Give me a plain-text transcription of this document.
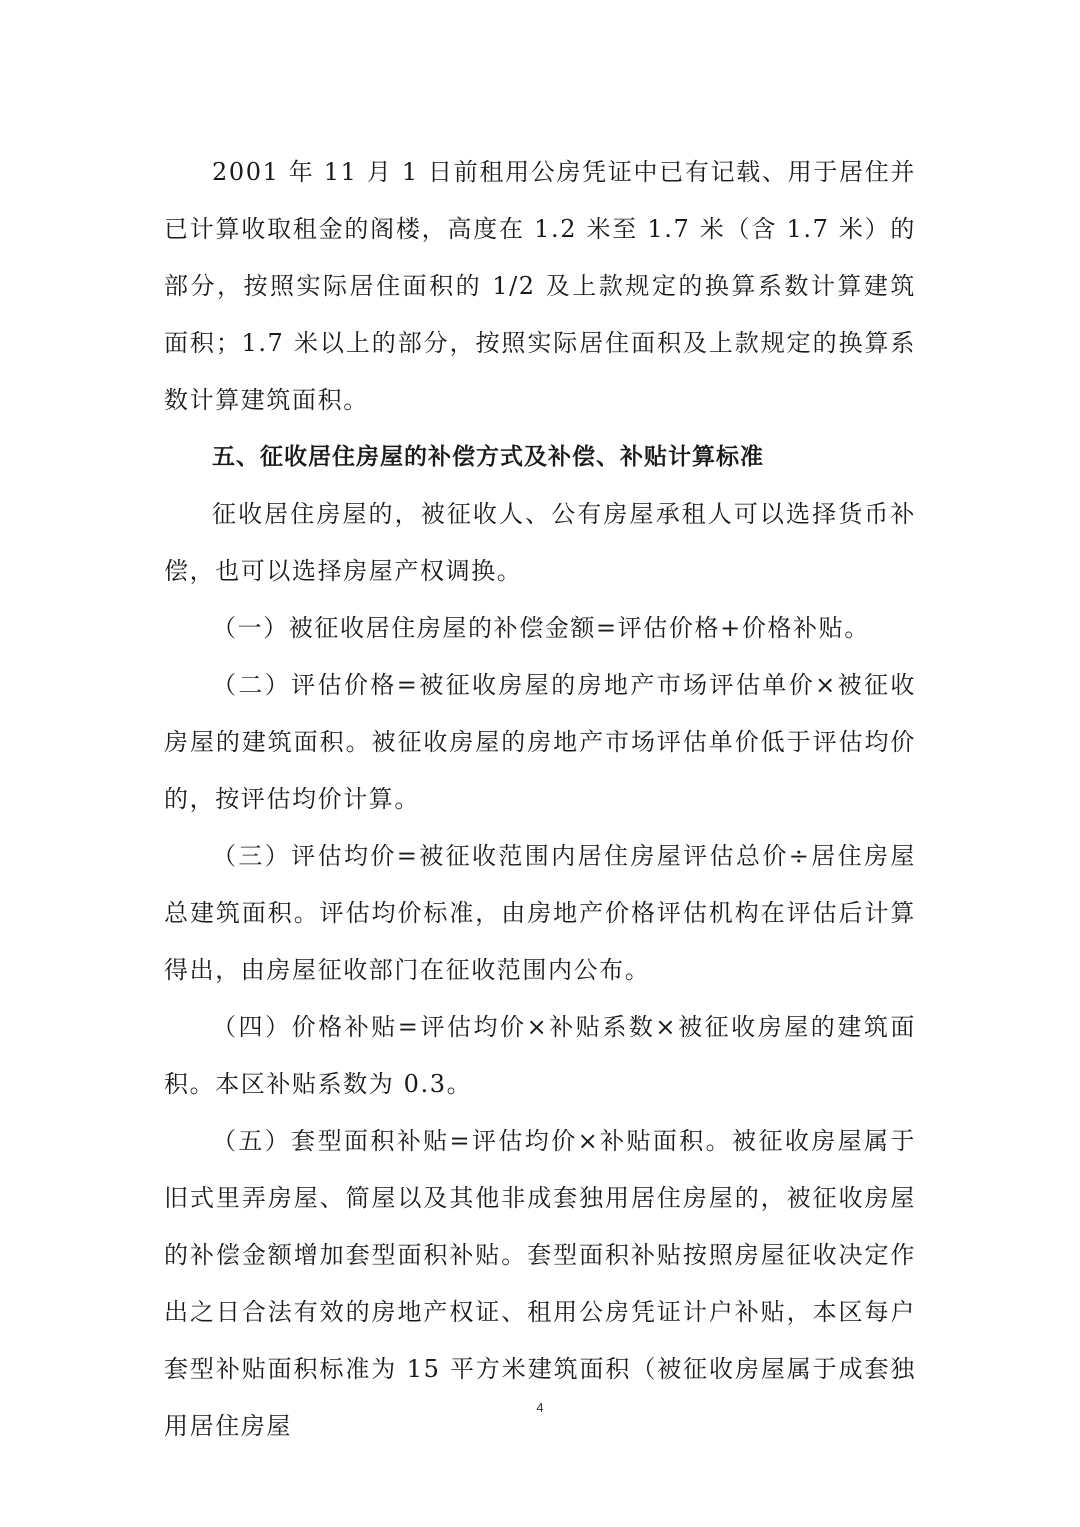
2001 年 11 月 1 日前租用公房凭证中已有记载、用于居住并已计算收取租金的阁楼，高度在 1.2 米至 1.7 米（含 1.7 米）的部分，按照实际居住面积的 1/2 及上款规定的换算系数计算建筑面积；1.7 米以上的部分，按照实际居住面积及上款规定的换算系数计算建筑面积。

五、征收居住房屋的补偿方式及补偿、补贴计算标准

征收居住房屋的，被征收人、公有房屋承租人可以选择货币补偿，也可以选择房屋产权调换。

（一）被征收居住房屋的补偿金额=评估价格+价格补贴。

（二）评估价格=被征收房屋的房地产市场评估单价×被征收房屋的建筑面积。被征收房屋的房地产市场评估单价低于评估均价的，按评估均价计算。

（三）评估均价=被征收范围内居住房屋评估总价÷居住房屋总建筑面积。评估均价标准，由房地产价格评估机构在评估后计算得出，由房屋征收部门在征收范围内公布。

（四）价格补贴=评估均价×补贴系数×被征收房屋的建筑面积。本区补贴系数为 0.3。

（五）套型面积补贴=评估均价×补贴面积。被征收房屋属于旧式里弄房屋、简屋以及其他非成套独用居住房屋的，被征收房屋的补偿金额增加套型面积补贴。套型面积补贴按照房屋征收决定作出之日合法有效的房地产权证、租用公房凭证计户补贴，本区每户套型补贴面积标准为 15 平方米建筑面积（被征收房屋属于成套独用居住房屋

4
